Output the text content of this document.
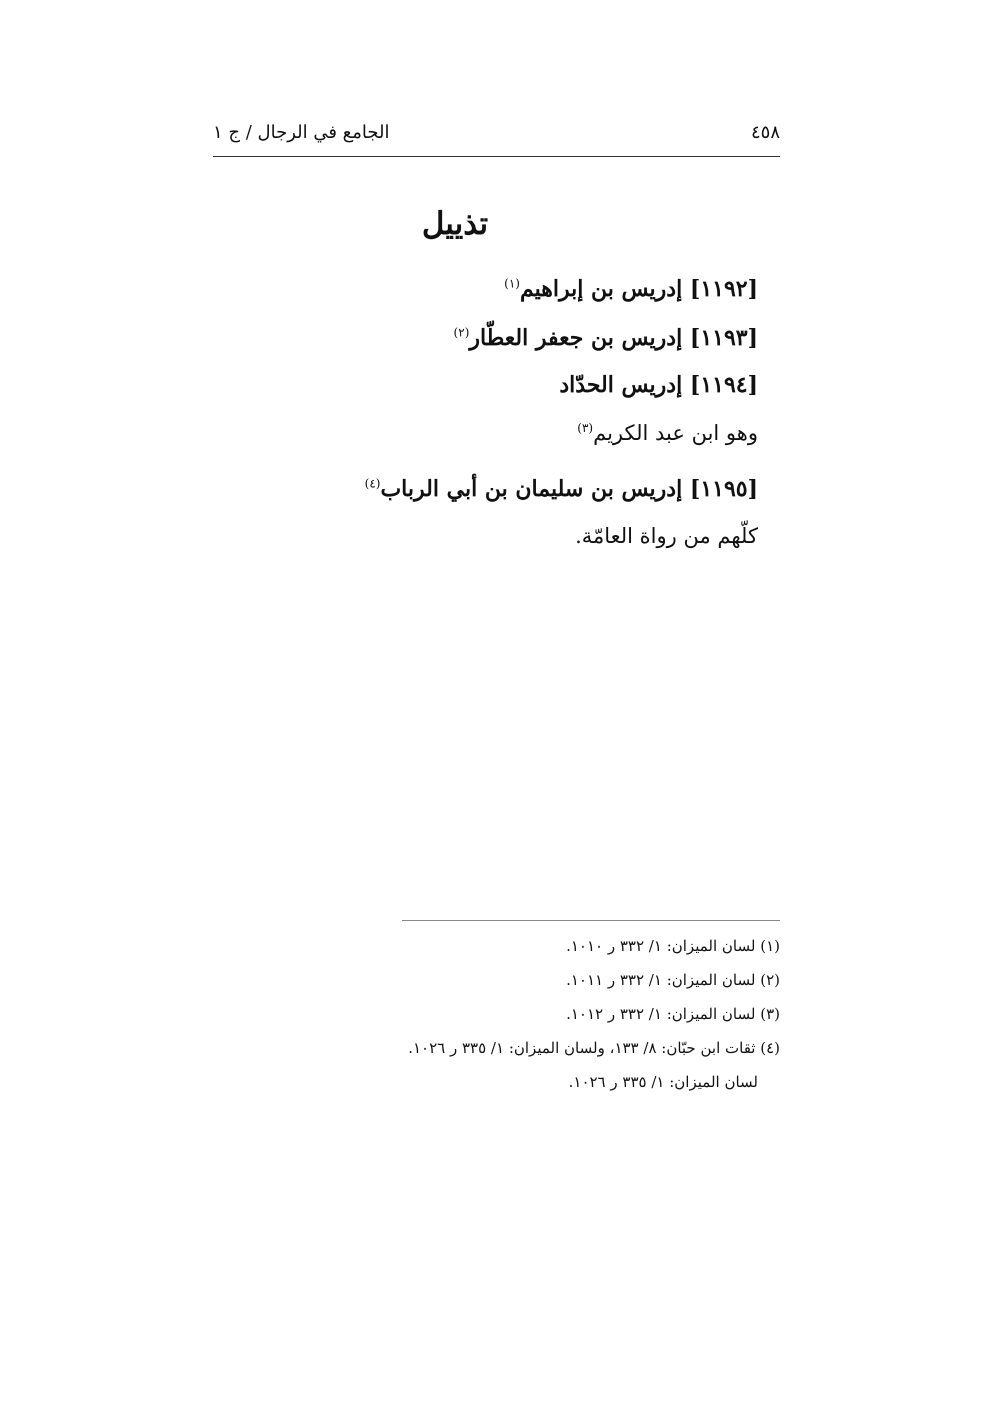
الجامع في الرجال / ج ١	٤٥٨
تذييل
[١١٩٢] إدريس بن إبراهيم$^{(١)}$
[١١٩٣] إدريس بن جعفر العطّار$^{(٢)}$
[١١٩٤] إدريس الحدّاد
وهو ابن عبد الكريم$^{(٣)}$
[١١٩٥] إدريس بن سليمان بن أبي الرباب$^{(٤)}$
كلّهم من رواة العامّة.
(١) لسان الميزان: ١/ ٣٣٢ ر ١٠١٠.
(٢) لسان الميزان: ١/ ٣٣٢ ر ١٠١١.
(٣) لسان الميزان: ١/ ٣٣٢ ر ١٠١٢.
(٤) ثقات ابن حبّان: ٨/ ١٣٣، ولسان الميزان: ١/ ٣٣٥ ر ١٠٢٦.
لسان الميزان: ١/ ٣٣٥ ر ١٠٢٦.
